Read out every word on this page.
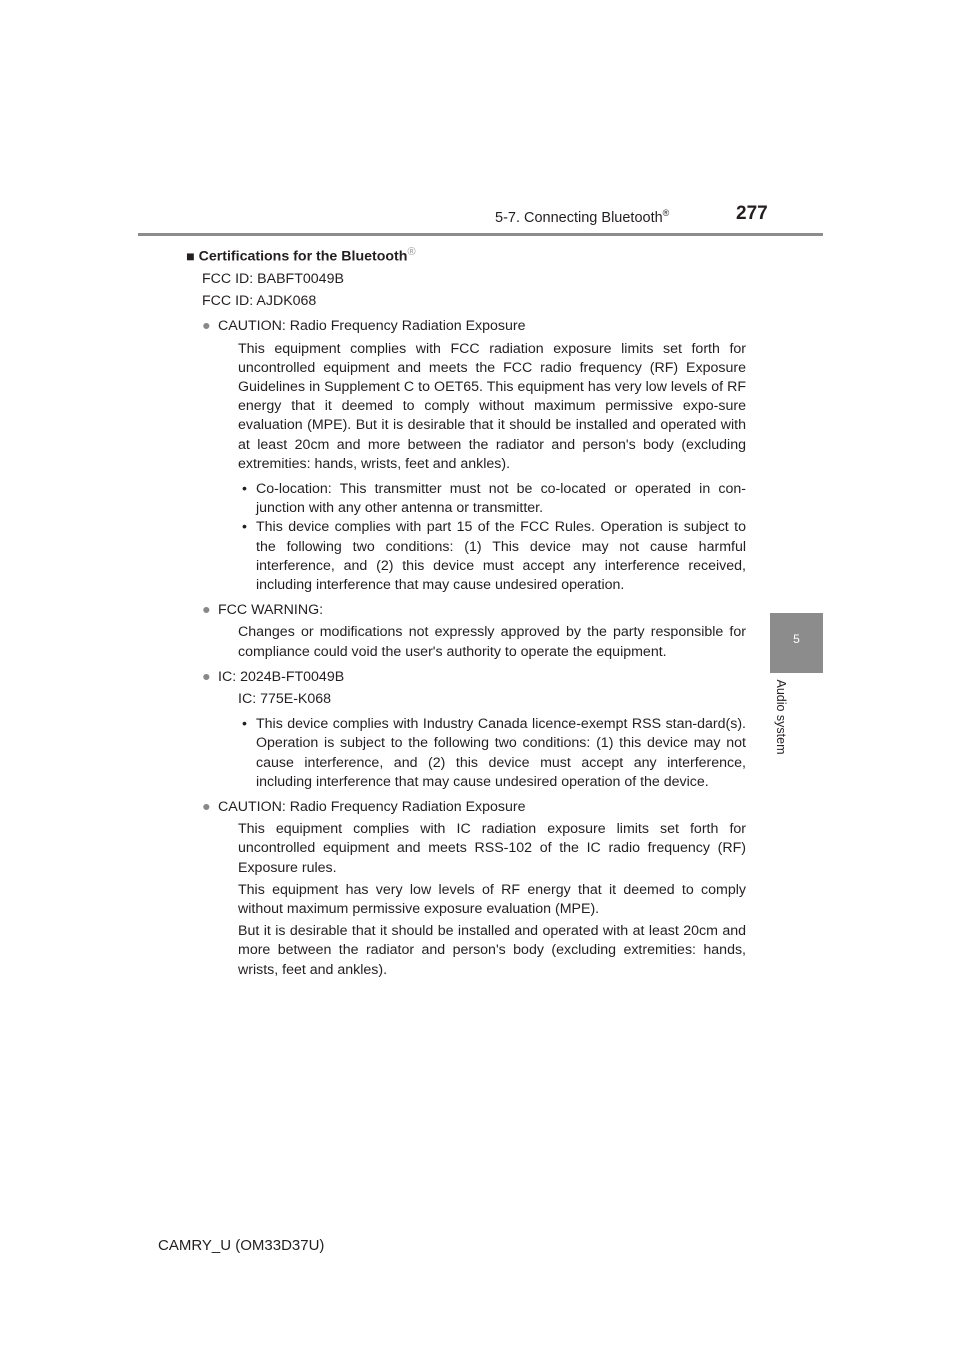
5-7. Connecting Bluetooth®	277
5
Audio system
■ Certifications for the Bluetooth®
FCC ID: BABFT0049B
FCC ID: AJDK068
● CAUTION: Radio Frequency Radiation Exposure
This equipment complies with FCC radiation exposure limits set forth for uncontrolled equipment and meets the FCC radio frequency (RF) Exposure Guidelines in Supplement C to OET65. This equipment has very low levels of RF energy that it deemed to comply without maximum permissive expo-sure evaluation (MPE). But it is desirable that it should be installed and operated with at least 20cm and more between the radiator and person's body (excluding extremities: hands, wrists, feet and ankles).
• Co-location: This transmitter must not be co-located or operated in con-junction with any other antenna or transmitter.
• This device complies with part 15 of the FCC Rules. Operation is subject to the following two conditions: (1) This device may not cause harmful interference, and (2) this device must accept any interference received, including interference that may cause undesired operation.
● FCC WARNING:
Changes or modifications not expressly approved by the party responsible for compliance could void the user's authority to operate the equipment.
● IC: 2024B-FT0049B
IC: 775E-K068
• This device complies with Industry Canada licence-exempt RSS stan-dard(s). Operation is subject to the following two conditions: (1) this device may not cause interference, and (2) this device must accept any interference, including interference that may cause undesired operation of the device.
● CAUTION: Radio Frequency Radiation Exposure
This equipment complies with IC radiation exposure limits set forth for uncontrolled equipment and meets RSS-102 of the IC radio frequency (RF) Exposure rules.
This equipment has very low levels of RF energy that it deemed to comply without maximum permissive exposure evaluation (MPE).
But it is desirable that it should be installed and operated with at least 20cm and more between the radiator and person's body (excluding extremities: hands, wrists, feet and ankles).
CAMRY_U (OM33D37U)
